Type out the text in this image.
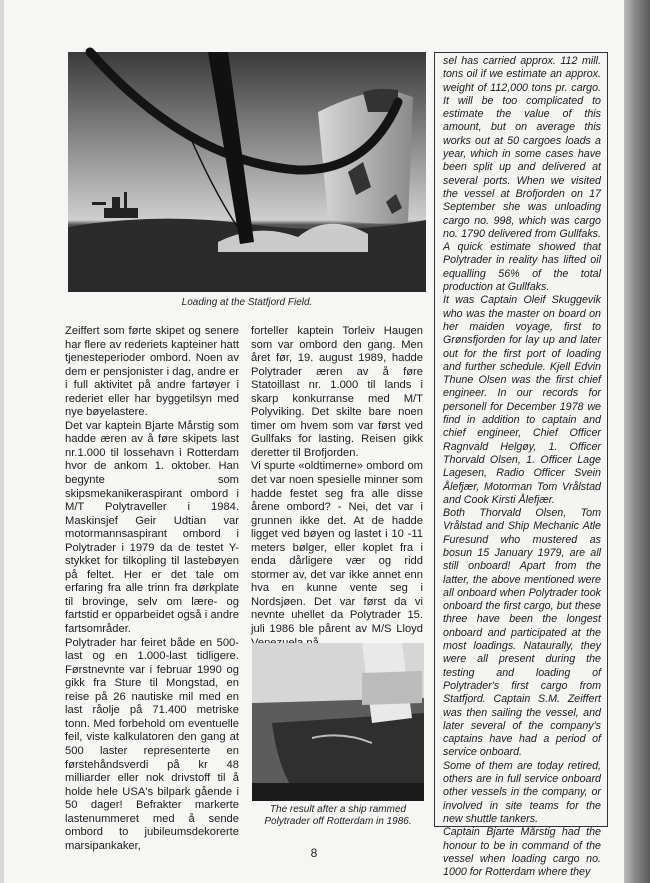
Loading at the Statfjord Field.

Zeiffert som førte skipet og senere har flere av rederiets kapteiner hatt tjenesteperioder ombord. Noen av dem er pensjonister i dag, andre er i full aktivitet på andre fartøyer i rederiet eller har byggetilsyn med nye bøyelasterе.

Det var kaptein Bjarte Mårstig som hadde æren av å føre skipets last nr.1.000 til lossehavn i Rotterdam hvor de ankom 1. oktober. Han begynte som skipsmekanikeraspirant ombord i M/T Polytraveller i 1984. Maskinsjef Geir Udtian var motormannsaspirant ombord i Polytrader i 1979 da de testet Y-stykket for tilkopling til lastebøyen på feltet. Her er det tale om erfaring fra alle trinn fra dørkplate til brovinge, selv om lære- og fartstid er opparbeidet også i andre fartsområder.

Polytrader har feiret både en 500-last og en 1.000-last tidligere. Førstnevnte var i februar 1990 og gikk fra Sture til Mongstad, en reise på 26 nautiske mil med en last råolje på 71.400 metriske tonn. Med forbehold om eventuelle feil, viste kalkulatoren den gang at 500 laster representerte en førstehåndsverdi på kr 48 milliarder eller nok drivstoff til å holde hele USA's bilpark gående i 50 dager! Befrakter markerte lastenummeret med å sende ombord to jubileumsdekorerte marsipankaker,

forteller kaptein Torleiv Haugen som var ombord den gang. Men året før, 19. august 1989, hadde Polytrader æren av å føre Statoillast nr. 1.000 til lands i skarp konkurranse med M/T Polyviking. Det skilte bare noen timer om hvem som var først ved Gullfaks for lasting. Reisen gikk deretter til Brofjorden.

Vi spurte «oldtimerne» ombord om det var noen spesielle minner som hadde festet seg fra alle disse årene ombord? - Nei, det var i grunnen ikke det. At de hadde ligget ved bøyen og lastet i 10 -11 meters bølger, eller koplet fra i enda dårligere vær og ridd stormer av, det var ikke annet enn hva en kunne vente seg i Nordsjøen. Det var først da vi nevnte uhellet da Polytrader 15. juli 1986 ble pårent av M/S Lloyd

The result after a ship rammed
Polytrader off Rotterdam in 1986.

sel has carried approx. 112 mill. tons oil if we estimate an approx. weight of 112,000 tons pr. cargo. It will be too complicated to estimate the value of this amount, but on average this works out at 50 cargoes loads a year, which in some cases have been split up and delivered at several ports. When we visited the vessel at Brofjorden on 17 September she was unloading cargo no. 998, which was cargo no. 1790 delivered from Gullfaks. A quick estimate showed that Polytrader in reality has lifted oil equalling 56% of the total production at Gullfaks.

It was Captain Oleif Skuggevik who was the master on board on her maiden voyage, first to Grønsfjorden for lay up and later out for the first port of loading and further schedule. Kjell Edvin Thune Olsen was the first chief engineer. In our records for personell for December 1978 we find in addition to captain and chief engineer, Chief Officer Ragnvald Helgøy, 1. Officer Thorvald Olsen, 1. Officer Lage Lagesen, Radio Officer Svein Ålefjær, Motorman Tom Vrålstad and Cook Kirsti Ålefjær.

Both Thorvald Olsen, Tom Vrålstad and Ship Mechanic Atle Furesund who mustered as bosun 15 January 1979, are all still onboard! Apart from the latter, the above mentioned were all onboard when Polytrader took onboard the first cargo, but these three have been the longest onboard and participated at the most loadings. Nataurally, they were all present during the testing and loading of Polytrader's first cargo from Statfjord. Captain S.M. Zeiffert was then sailing the vessel, and later several of the company's captains have had a period of service onboard.

Some of them are today retired, others are in full service onboard other vessels in the company, or involved in site teams for the new shuttle tankers.

Captain Bjarte Mårstig had the honour to be in command of the vessel when loading cargo no. 1000 for Rotterdam where they

8
